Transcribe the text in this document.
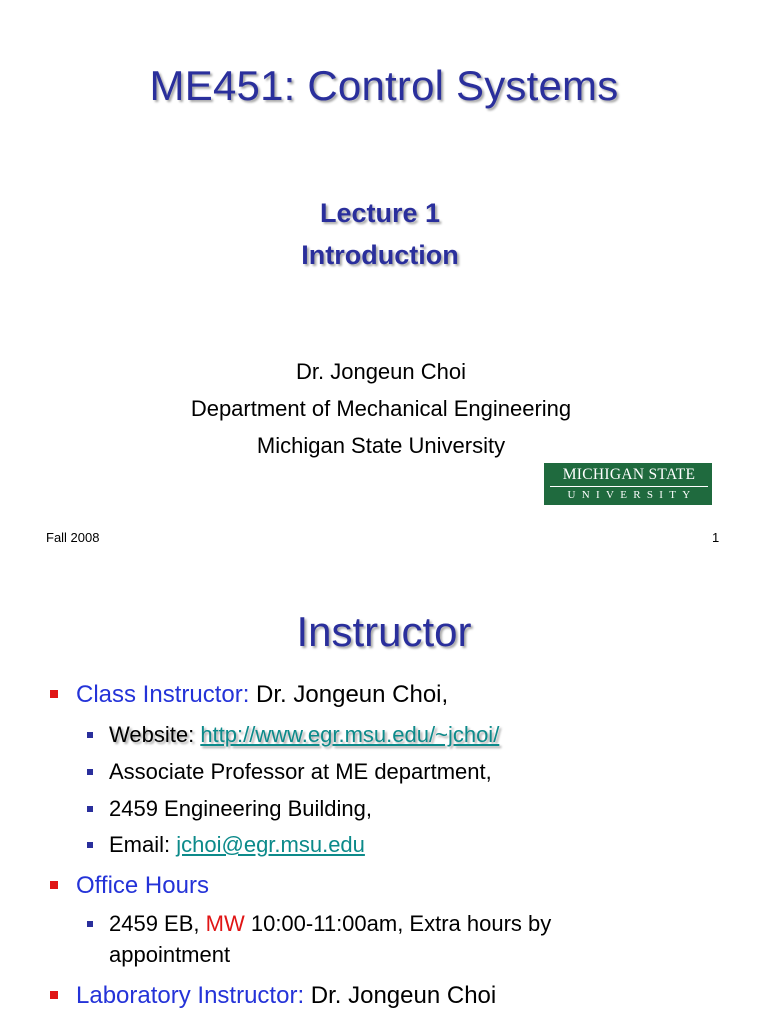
ME451: Control Systems
Lecture 1
Introduction
Dr. Jongeun Choi
Department of Mechanical Engineering
Michigan State University
MICHIGAN STATE
UNIVERSITY
Fall 2008	1
Instructor
Class Instructor: Dr. Jongeun Choi,
Website: http://www.egr.msu.edu/~jchoi/
Associate Professor at ME department,
2459 Engineering Building,
Email: jchoi@egr.msu.edu
Office Hours
2459 EB, MW 10:00-11:00am, Extra hours by
appointment
Laboratory Instructor: Dr. Jongeun Choi
